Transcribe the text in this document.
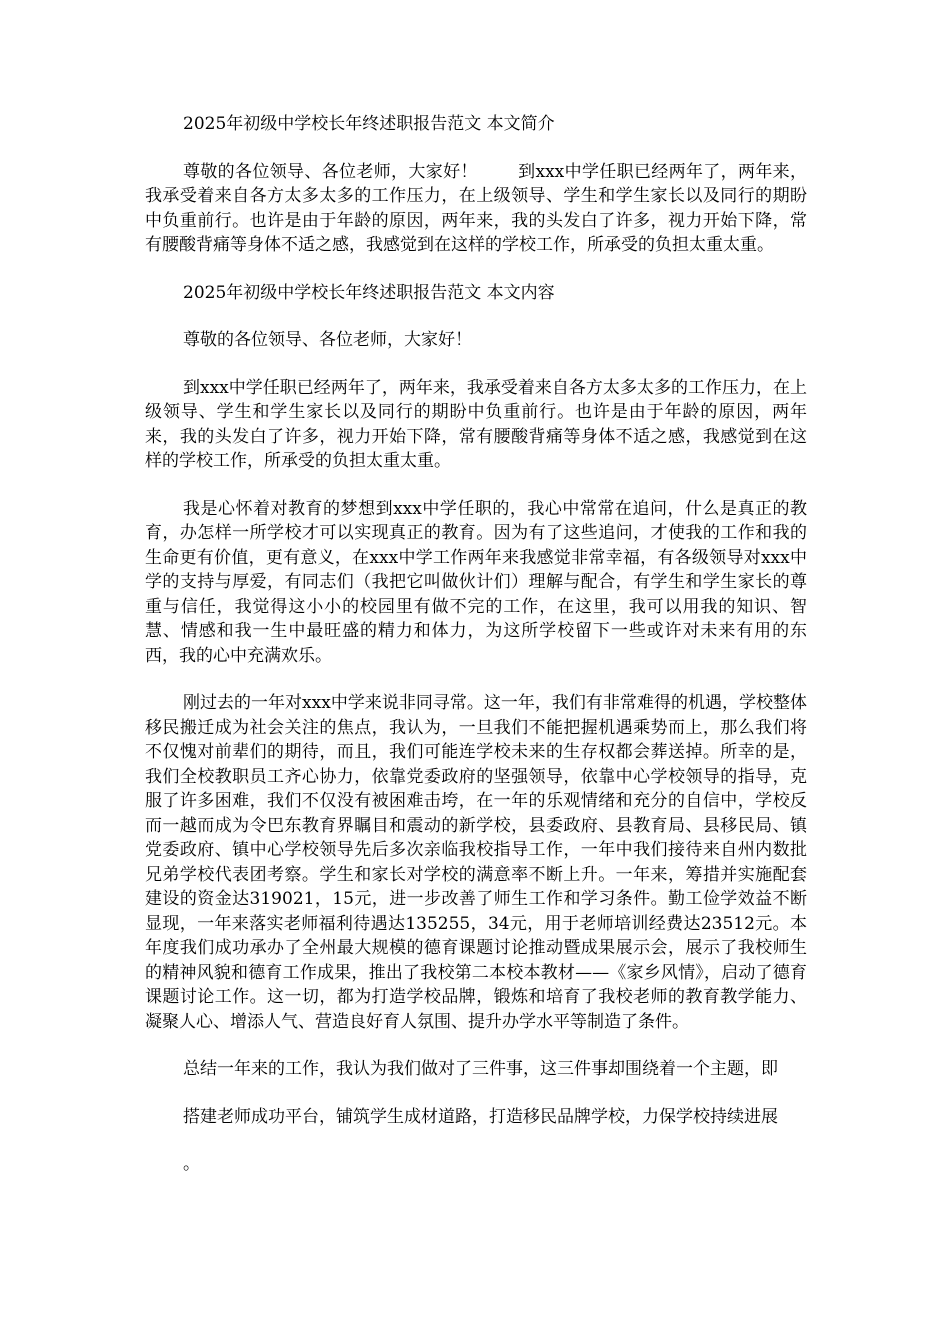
2025年初级中学校长年终述职报告范文 本文简介

尊敬的各位领导、各位老师，大家好！ 　　到xxx中学任职已经两年了，两年来，我承受着来自各方太多太多的工作压力，在上级领导、学生和学生家长以及同行的期盼中负重前行。也许是由于年龄的原因，两年来，我的头发白了许多，视力开始下降，常有腰酸背痛等身体不适之感，我感觉到在这样的学校工作，所承受的负担太重太重。

2025年初级中学校长年终述职报告范文 本文内容

尊敬的各位领导、各位老师，大家好！

到xxx中学任职已经两年了，两年来，我承受着来自各方太多太多的工作压力，在上级领导、学生和学生家长以及同行的期盼中负重前行。也许是由于年龄的原因，两年来，我的头发白了许多，视力开始下降，常有腰酸背痛等身体不适之感，我感觉到在这样的学校工作，所承受的负担太重太重。

我是心怀着对教育的梦想到xxx中学任职的，我心中常常在追问，什么是真正的教育，办怎样一所学校才可以实现真正的教育。因为有了这些追问，才使我的工作和我的生命更有价值，更有意义，在xxx中学工作两年来我感觉非常幸福，有各级领导对xxx中学的支持与厚爱，有同志们（我把它叫做伙计们）理解与配合，有学生和学生家长的尊重与信任，我觉得这小小的校园里有做不完的工作，在这里，我可以用我的知识、智慧、情感和我一生中最旺盛的精力和体力，为这所学校留下一些或许对未来有用的东西，我的心中充满欢乐。

刚过去的一年对xxx中学来说非同寻常。这一年，我们有非常难得的机遇，学校整体移民搬迁成为社会关注的焦点，我认为，一旦我们不能把握机遇乘势而上，那么我们将不仅愧对前辈们的期待，而且，我们可能连学校未来的生存权都会葬送掉。所幸的是，我们全校教职员工齐心协力，依靠党委政府的坚强领导，依靠中心学校领导的指导，克服了许多困难，我们不仅没有被困难击垮，在一年的乐观情绪和充分的自信中，学校反而一越而成为令巴东教育界瞩目和震动的新学校，县委政府、县教育局、县移民局、镇党委政府、镇中心学校领导先后多次亲临我校指导工作，一年中我们接待来自州内数批兄弟学校代表团考察。学生和家长对学校的满意率不断上升。一年来，筹措并实施配套建设的资金达319021，15元，进一步改善了师生工作和学习条件。勤工俭学效益不断显现，一年来落实老师福利待遇达135255，34元，用于老师培训经费达23512元。本年度我们成功承办了全州最大规模的德育课题讨论推动暨成果展示会，展示了我校师生的精神风貌和德育工作成果，推出了我校第二本校本教材——《家乡风情》，启动了德育课题讨论工作。这一切，都为打造学校品牌，锻炼和培育了我校老师的教育教学能力、凝聚人心、增添人气、营造良好育人氛围、提升办学水平等制造了条件。

总结一年来的工作，我认为我们做对了三件事，这三件事却围绕着一个主题，即

搭建老师成功平台，铺筑学生成材道路，打造移民品牌学校，力保学校持续进展

。
